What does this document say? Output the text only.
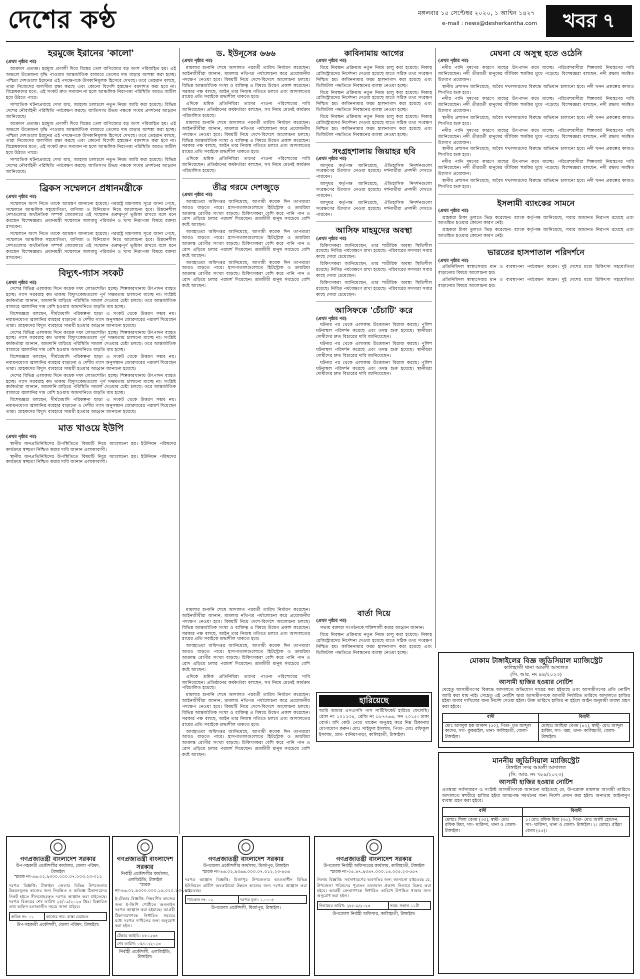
দেশের কণ্ঠ	মঙ্গলবার ১৫ সেপ্টেম্বর ২০২০, ১ আশ্বিন ১৪২৭
e-mail : news@desherkantha.com খবর ৭
হরমুজে ইরানের 'কালো'
(প্রথম পৃষ্ঠার পর)

আক্রমণ প্রত্যক্ষ। হরমুজ প্রণালী দিয়ে বিশ্বের তেল বাণিজ্যের বড় অংশ পরিবাহিত হয়। এই অঞ্চলে উত্তেজনা বৃদ্ধি পাওয়ায় আন্তর্জাতিক বাজারে তেলের দাম বাড়ার আশঙ্কা করা হচ্ছে। পশ্চিমা দেশগুলো ইরানের এই পদক্ষেপকে উসকানিমূলক হিসেবে দেখছে। তবে তেহরান বলছে, তারা নিজেদের জলসীমা রক্ষা করছে এবং কোনো বিদেশি হস্তক্ষেপ বরদাশত করা হবে না। বিশ্লেষকদের মতে, এই সংকট দ্রুত সমাধান না হলে আঞ্চলিক নিরাপত্তা পরিস্থিতি আরও জটিল হয়ে উঠতে পারে।

সাম্প্রতিক ঘটনাপ্রবাহে দেখা যায়, জাহাজ চলাচলে নতুন নিয়ম জারি করা হয়েছে। বিভিন্ন দেশের নৌবাহিনী পরিস্থিতি পর্যবেক্ষণ করছে। জাতিসংঘ উভয় পক্ষকে সংযম প্রদর্শনের আহ্বান জানিয়েছে।

আক্রমণ প্রত্যক্ষ। হরমুজ প্রণালী দিয়ে বিশ্বের তেল বাণিজ্যের বড় অংশ পরিবাহিত হয়। এই অঞ্চলে উত্তেজনা বৃদ্ধি পাওয়ায় আন্তর্জাতিক বাজারে তেলের দাম বাড়ার আশঙ্কা করা হচ্ছে। পশ্চিমা দেশগুলো ইরানের এই পদক্ষেপকে উসকানিমূলক হিসেবে দেখছে। তবে তেহরান বলছে, তারা নিজেদের জলসীমা রক্ষা করছে এবং কোনো বিদেশি হস্তক্ষেপ বরদাশত করা হবে না। বিশ্লেষকদের মতে, এই সংকট দ্রুত সমাধান না হলে আঞ্চলিক নিরাপত্তা পরিস্থিতি আরও জটিল হয়ে উঠতে পারে।

সাম্প্রতিক ঘটনাপ্রবাহে দেখা যায়, জাহাজ চলাচলে নতুন নিয়ম জারি করা হয়েছে। বিভিন্ন দেশের নৌবাহিনী পরিস্থিতি পর্যবেক্ষণ করছে। জাতিসংঘ উভয় পক্ষকে সংযম প্রদর্শনের আহ্বান জানিয়েছে।

ব্রিকস সম্মেলনে প্রধানমন্ত্রীকে
(প্রথম পৃষ্ঠার পর)

সম্মেলনে অংশ নিতে তাকে আমন্ত্রণ জানানো হয়েছে। পররাষ্ট্র মন্ত্রণালয় সূত্রে জানা গেছে, সম্মেলনে আঞ্চলিক সহযোগিতা, বাণিজ্য ও বিনিয়োগ নিয়ে আলোচনা হবে। উন্নয়নশীল দেশগুলোর অর্থনৈতিক সম্পর্ক জোরদারে এই সম্মেলন গুরুত্বপূর্ণ ভূমিকা রাখবে বলে মনে করছেন বিশেষজ্ঞরা। প্রধানমন্ত্রী সম্মেলনে জলবায়ু পরিবর্তন ও খাদ্য নিরাপত্তা বিষয়ে বক্তব্য রাখবেন।

সম্মেলনে অংশ নিতে তাকে আমন্ত্রণ জানানো হয়েছে। পররাষ্ট্র মন্ত্রণালয় সূত্রে জানা গেছে, সম্মেলনে আঞ্চলিক সহযোগিতা, বাণিজ্য ও বিনিয়োগ নিয়ে আলোচনা হবে। উন্নয়নশীল দেশগুলোর অর্থনৈতিক সম্পর্ক জোরদারে এই সম্মেলন গুরুত্বপূর্ণ ভূমিকা রাখবে বলে মনে করছেন বিশেষজ্ঞরা। প্রধানমন্ত্রী সম্মেলনে জলবায়ু পরিবর্তন ও খাদ্য নিরাপত্তা বিষয়ে বক্তব্য রাখবেন।

বিদ্যুৎ-গ্যাস সংকট
(প্রথম পৃষ্ঠার পর)

দেশের বিভিন্ন এলাকায় দিনে কয়েক দফা লোডশেডিং হচ্ছে। শিল্পকারখানায় উৎপাদন ব্যাহত হচ্ছে। গ্যাস সরবরাহ কম থাকায় বিদ্যুৎকেন্দ্রগুলো পূর্ণ সক্ষমতায় চালানো যাচ্ছে না। সংশ্লিষ্ট কর্মকর্তারা জানান, আমদানি বাড়িয়ে পরিস্থিতি সামাল দেওয়ার চেষ্টা চলছে। তবে আন্তর্জাতিক বাজারে জ্বালানির দাম বেশি হওয়ায় আমদানিতে বাড়তি ব্যয় হচ্ছে।

বিশেষজ্ঞরা বলছেন, দীর্ঘমেয়াদি পরিকল্পনা ছাড়া এ সংকট থেকে উত্তরণ সম্ভব নয়। নবায়নযোগ্য জ্বালানির ব্যবহার বাড়ানো ও দেশীয় গ্যাস অনুসন্ধান জোরদারের পরামর্শ দিয়েছেন তারা। গ্রাহকদের বিদ্যুৎ ব্যবহারে সাশ্রয়ী হওয়ার আহ্বান জানানো হয়েছে।

দেশের বিভিন্ন এলাকায় দিনে কয়েক দফা লোডশেডিং হচ্ছে। শিল্পকারখানায় উৎপাদন ব্যাহত হচ্ছে। গ্যাস সরবরাহ কম থাকায় বিদ্যুৎকেন্দ্রগুলো পূর্ণ সক্ষমতায় চালানো যাচ্ছে না। সংশ্লিষ্ট কর্মকর্তারা জানান, আমদানি বাড়িয়ে পরিস্থিতি সামাল দেওয়ার চেষ্টা চলছে। তবে আন্তর্জাতিক বাজারে জ্বালানির দাম বেশি হওয়ায় আমদানিতে বাড়তি ব্যয় হচ্ছে।

বিশেষজ্ঞরা বলছেন, দীর্ঘমেয়াদি পরিকল্পনা ছাড়া এ সংকট থেকে উত্তরণ সম্ভব নয়। নবায়নযোগ্য জ্বালানির ব্যবহার বাড়ানো ও দেশীয় গ্যাস অনুসন্ধান জোরদারের পরামর্শ দিয়েছেন তারা। গ্রাহকদের বিদ্যুৎ ব্যবহারে সাশ্রয়ী হওয়ার আহ্বান জানানো হয়েছে।

দেশের বিভিন্ন এলাকায় দিনে কয়েক দফা লোডশেডিং হচ্ছে। শিল্পকারখানায় উৎপাদন ব্যাহত হচ্ছে। গ্যাস সরবরাহ কম থাকায় বিদ্যুৎকেন্দ্রগুলো পূর্ণ সক্ষমতায় চালানো যাচ্ছে না। সংশ্লিষ্ট কর্মকর্তারা জানান, আমদানি বাড়িয়ে পরিস্থিতি সামাল দেওয়ার চেষ্টা চলছে। তবে আন্তর্জাতিক বাজারে জ্বালানির দাম বেশি হওয়ায় আমদানিতে বাড়তি ব্যয় হচ্ছে।

বিশেষজ্ঞরা বলছেন, দীর্ঘমেয়াদি পরিকল্পনা ছাড়া এ সংকট থেকে উত্তরণ সম্ভব নয়। নবায়নযোগ্য জ্বালানির ব্যবহার বাড়ানো ও দেশীয় গ্যাস অনুসন্ধান জোরদারের পরামর্শ দিয়েছেন তারা। গ্রাহকদের বিদ্যুৎ ব্যবহারে সাশ্রয়ী হওয়ার আহ্বান জানানো হয়েছে।

মাত খাওয়ে ইউপি
(প্রথম পৃষ্ঠার পর)

স্থানীয় জনপ্রতিনিধিদের উপস্থিতিতে বিষয়টি নিয়ে আলোচনা হয়। ইউনিয়ন পরিষদের কার্যক্রমে স্বচ্ছতা নিশ্চিত করার দাবি জানান এলাকাবাসী।

স্থানীয় জনপ্রতিনিধিদের উপস্থিতিতে বিষয়টি নিয়ে আলোচনা হয়। ইউনিয়ন পরিষদের কার্যক্রমে স্বচ্ছতা নিশ্চিত করার দাবি জানান এলাকাবাসী।

ড. ইউনূসের ৬৬৬
(প্রথম পৃষ্ঠার পর)

মামলার শুনানি শেষে আদালত পরবর্তী তারিখ নির্ধারণ করেছেন। আইনজীবীরা জানান, মামলার নথিপত্র পর্যালোচনা করে প্রয়োজনীয় পদক্ষেপ নেওয়া হবে। বিষয়টি নিয়ে দেশে-বিদেশে আলোচনা চলছে। বিভিন্ন আন্তর্জাতিক সংস্থা ও ব্যক্তিত্ব এ বিষয়ে উদ্বেগ প্রকাশ করেছেন। সরকার পক্ষ বলছে, আইন তার নিজস্ব গতিতে চলবে এবং আদালতের রায়ের প্রতি সবাইকে শ্রদ্ধাশীল থাকতে হবে।

এদিকে শ্রমিক প্রতিনিধিরা তাদের পাওনা পরিশোধের দাবি জানিয়েছেন। প্রতিষ্ঠানের কর্মকর্তারা বলছেন, সব নিয়ম মেনেই কার্যক্রম পরিচালিত হয়েছে।

মামলার শুনানি শেষে আদালত পরবর্তী তারিখ নির্ধারণ করেছেন। আইনজীবীরা জানান, মামলার নথিপত্র পর্যালোচনা করে প্রয়োজনীয় পদক্ষেপ নেওয়া হবে। বিষয়টি নিয়ে দেশে-বিদেশে আলোচনা চলছে। বিভিন্ন আন্তর্জাতিক সংস্থা ও ব্যক্তিত্ব এ বিষয়ে উদ্বেগ প্রকাশ করেছেন। সরকার পক্ষ বলছে, আইন তার নিজস্ব গতিতে চলবে এবং আদালতের রায়ের প্রতি সবাইকে শ্রদ্ধাশীল থাকতে হবে।

এদিকে শ্রমিক প্রতিনিধিরা তাদের পাওনা পরিশোধের দাবি জানিয়েছেন। প্রতিষ্ঠানের কর্মকর্তারা বলছেন, সব নিয়ম মেনেই কার্যক্রম পরিচালিত হয়েছে।

তীব্র গরমে দেশজুড়ে
(প্রথম পৃষ্ঠার পর)

আবহাওয়া অধিদপ্তর জানিয়েছে, আগামী কয়েক দিন তাপমাত্রা আরও বাড়তে পারে। হাসপাতালগুলোতে হিটস্ট্রোক ও ডায়রিয়া আক্রান্ত রোগীর সংখ্যা বাড়ছে। চিকিৎসকরা বেশি করে পানি পান ও রোদ এড়িয়ে চলার পরামর্শ দিয়েছেন। শ্রমজীবী মানুষ সবচেয়ে বেশি কষ্টে আছেন।

আবহাওয়া অধিদপ্তর জানিয়েছে, আগামী কয়েক দিন তাপমাত্রা আরও বাড়তে পারে। হাসপাতালগুলোতে হিটস্ট্রোক ও ডায়রিয়া আক্রান্ত রোগীর সংখ্যা বাড়ছে। চিকিৎসকরা বেশি করে পানি পান ও রোদ এড়িয়ে চলার পরামর্শ দিয়েছেন। শ্রমজীবী মানুষ সবচেয়ে বেশি কষ্টে আছেন।

আবহাওয়া অধিদপ্তর জানিয়েছে, আগামী কয়েক দিন তাপমাত্রা আরও বাড়তে পারে। হাসপাতালগুলোতে হিটস্ট্রোক ও ডায়রিয়া আক্রান্ত রোগীর সংখ্যা বাড়ছে। চিকিৎসকরা বেশি করে পানি পান ও রোদ এড়িয়ে চলার পরামর্শ দিয়েছেন। শ্রমজীবী মানুষ সবচেয়ে বেশি কষ্টে আছেন।

কাবিনামায় আগের
(প্রথম পৃষ্ঠার পর)

বিয়ে নিবন্ধন প্রক্রিয়ায় নতুন নিয়ম চালু করা হয়েছে। নিকাহ রেজিস্ট্রারদের নির্দেশনা দেওয়া হয়েছে যাতে সঠিক তথ্য সংরক্ষণ নিশ্চিত হয়। কাবিননামার ফরম হালনাগাদ করা হয়েছে এবং ডিজিটাল পদ্ধতিতে নিবন্ধনের ব্যবস্থা নেওয়া হচ্ছে।

বিয়ে নিবন্ধন প্রক্রিয়ায় নতুন নিয়ম চালু করা হয়েছে। নিকাহ রেজিস্ট্রারদের নির্দেশনা দেওয়া হয়েছে যাতে সঠিক তথ্য সংরক্ষণ নিশ্চিত হয়। কাবিননামার ফরম হালনাগাদ করা হয়েছে এবং ডিজিটাল পদ্ধতিতে নিবন্ধনের ব্যবস্থা নেওয়া হচ্ছে।

বিয়ে নিবন্ধন প্রক্রিয়ায় নতুন নিয়ম চালু করা হয়েছে। নিকাহ রেজিস্ট্রারদের নির্দেশনা দেওয়া হয়েছে যাতে সঠিক তথ্য সংরক্ষণ নিশ্চিত হয়। কাবিননামার ফরম হালনাগাদ করা হয়েছে এবং ডিজিটাল পদ্ধতিতে নিবন্ধনের ব্যবস্থা নেওয়া হচ্ছে।

সংগ্রহশালায় জিয়াহর ছবি
(প্রথম পৃষ্ঠার পর)

জাদুঘর কর্তৃপক্ষ জানিয়েছে, ঐতিহাসিক নিদর্শনগুলো সংরক্ষণের উদ্যোগ নেওয়া হয়েছে। দর্শনার্থীরা প্রদর্শনী দেখতে পারবেন।

জাদুঘর কর্তৃপক্ষ জানিয়েছে, ঐতিহাসিক নিদর্শনগুলো সংরক্ষণের উদ্যোগ নেওয়া হয়েছে। দর্শনার্থীরা প্রদর্শনী দেখতে পারবেন।

জাদুঘর কর্তৃপক্ষ জানিয়েছে, ঐতিহাসিক নিদর্শনগুলো সংরক্ষণের উদ্যোগ নেওয়া হয়েছে। দর্শনার্থীরা প্রদর্শনী দেখতে পারবেন।

আসিফ মাহমুদের অবস্থা
(প্রথম পৃষ্ঠার পর)

চিকিৎসকরা জানিয়েছেন, তার শারীরিক অবস্থা স্থিতিশীল রয়েছে। নিবিড় পর্যবেক্ষণে রাখা হয়েছে। পরিবারের সদস্যরা সবার কাছে দোয়া চেয়েছেন।

চিকিৎসকরা জানিয়েছেন, তার শারীরিক অবস্থা স্থিতিশীল রয়েছে। নিবিড় পর্যবেক্ষণে রাখা হয়েছে। পরিবারের সদস্যরা সবার কাছে দোয়া চেয়েছেন।

চিকিৎসকরা জানিয়েছেন, তার শারীরিক অবস্থা স্থিতিশীল রয়েছে। নিবিড় পর্যবেক্ষণে রাখা হয়েছে। পরিবারের সদস্যরা সবার কাছে দোয়া চেয়েছেন।

আসিফকে 'চেঁচাটি' করে
(প্রথম পৃষ্ঠার পর)

ঘটনার পর থেকে এলাকায় উত্তেজনা বিরাজ করছে। পুলিশ ঘটনাস্থল পরিদর্শন করেছে এবং তদন্ত শুরু হয়েছে। স্থানীয়রা দোষীদের দ্রুত বিচারের দাবি জানিয়েছেন।

ঘটনার পর থেকে এলাকায় উত্তেজনা বিরাজ করছে। পুলিশ ঘটনাস্থল পরিদর্শন করেছে এবং তদন্ত শুরু হয়েছে। স্থানীয়রা দোষীদের দ্রুত বিচারের দাবি জানিয়েছেন।

ঘটনার পর থেকে এলাকায় উত্তেজনা বিরাজ করছে। পুলিশ ঘটনাস্থল পরিদর্শন করেছে এবং তদন্ত শুরু হয়েছে। স্থানীয়রা দোষীদের দ্রুত বিচারের দাবি জানিয়েছেন।

মেঘনা যে অসুস্থ হতে ওঠেনি
(প্রথম পৃষ্ঠার পর)

নদীর পানি দূষণের কারণে মাছের উৎপাদন কমে যাচ্ছে। পরিবেশবাদীরা শিল্পবর্জ্য নিয়ন্ত্রণের দাবি জানিয়েছেন। নদী তীরবর্তী মানুষের জীবিকা হুমকির মুখে পড়েছে। বিশেষজ্ঞরা বলছেন, নদী রক্ষায় সমন্বিত উদ্যোগ প্রয়োজন।

স্থানীয় প্রশাসন জানিয়েছে, অবৈধ দখলদারদের বিরুদ্ধে অভিযান চালানো হবে। নদী খনন প্রকল্পের কাজও শিগগির শুরু হবে।

নদীর পানি দূষণের কারণে মাছের উৎপাদন কমে যাচ্ছে। পরিবেশবাদীরা শিল্পবর্জ্য নিয়ন্ত্রণের দাবি জানিয়েছেন। নদী তীরবর্তী মানুষের জীবিকা হুমকির মুখে পড়েছে। বিশেষজ্ঞরা বলছেন, নদী রক্ষায় সমন্বিত উদ্যোগ প্রয়োজন।

স্থানীয় প্রশাসন জানিয়েছে, অবৈধ দখলদারদের বিরুদ্ধে অভিযান চালানো হবে। নদী খনন প্রকল্পের কাজও শিগগির শুরু হবে।

নদীর পানি দূষণের কারণে মাছের উৎপাদন কমে যাচ্ছে। পরিবেশবাদীরা শিল্পবর্জ্য নিয়ন্ত্রণের দাবি জানিয়েছেন। নদী তীরবর্তী মানুষের জীবিকা হুমকির মুখে পড়েছে। বিশেষজ্ঞরা বলছেন, নদী রক্ষায় সমন্বিত উদ্যোগ প্রয়োজন।

স্থানীয় প্রশাসন জানিয়েছে, অবৈধ দখলদারদের বিরুদ্ধে অভিযান চালানো হবে। নদী খনন প্রকল্পের কাজও শিগগির শুরু হবে।

নদীর পানি দূষণের কারণে মাছের উৎপাদন কমে যাচ্ছে। পরিবেশবাদীরা শিল্পবর্জ্য নিয়ন্ত্রণের দাবি জানিয়েছেন। নদী তীরবর্তী মানুষের জীবিকা হুমকির মুখে পড়েছে। বিশেষজ্ঞরা বলছেন, নদী রক্ষায় সমন্বিত উদ্যোগ প্রয়োজন।

স্থানীয় প্রশাসন জানিয়েছে, অবৈধ দখলদারদের বিরুদ্ধে অভিযান চালানো হবে। নদী খনন প্রকল্পের কাজও শিগগির শুরু হবে।

ইসলামী ব্যাংকের সামনে
(প্রথম পৃষ্ঠার পর)

গ্রাহকরা টাকা তুলতে ভিড় করেছেন। ব্যাংক কর্তৃপক্ষ জানিয়েছে, সবার আমানত নিরাপদ রয়েছে এবং আতঙ্কিত হওয়ার কোনো কারণ নেই।

গ্রাহকরা টাকা তুলতে ভিড় করেছেন। ব্যাংক কর্তৃপক্ষ জানিয়েছে, সবার আমানত নিরাপদ রয়েছে এবং আতঙ্কিত হওয়ার কোনো কারণ নেই।

ভারতের হাসপাতাল পরিদর্শনে
(প্রথম পৃষ্ঠার পর)

প্রতিনিধিদল স্বাস্থ্যসেবার মান ও ব্যবস্থাপনা পর্যবেক্ষণ করেন। দুই দেশের মধ্যে চিকিৎসা সহযোগিতা বাড়ানোর বিষয়ে আলোচনা হয়।

প্রতিনিধিদল স্বাস্থ্যসেবার মান ও ব্যবস্থাপনা পর্যবেক্ষণ করেন। দুই দেশের মধ্যে চিকিৎসা সহযোগিতা বাড়ানোর বিষয়ে আলোচনা হয়।

বাৰ্তা দিয়ে
(প্রথম পৃষ্ঠার পর)

সভায় বক্তারা সংগঠনকে শক্তিশালী করার আহ্বান জানান।

বিয়ে নিবন্ধন প্রক্রিয়ায় নতুন নিয়ম চালু করা হয়েছে। নিকাহ রেজিস্ট্রারদের নির্দেশনা দেওয়া হয়েছে যাতে সঠিক তথ্য সংরক্ষণ নিশ্চিত হয়। কাবিননামার ফরম হালনাগাদ করা হয়েছে এবং ডিজিটাল পদ্ধতিতে নিবন্ধনের ব্যবস্থা নেওয়া হচ্ছে।

মামলার শুনানি শেষে আদালত পরবর্তী তারিখ নির্ধারণ করেছেন। আইনজীবীরা জানান, মামলার নথিপত্র পর্যালোচনা করে প্রয়োজনীয় পদক্ষেপ নেওয়া হবে। বিষয়টি নিয়ে দেশে-বিদেশে আলোচনা চলছে। বিভিন্ন আন্তর্জাতিক সংস্থা ও ব্যক্তিত্ব এ বিষয়ে উদ্বেগ প্রকাশ করেছেন। সরকার পক্ষ বলছে, আইন তার নিজস্ব গতিতে চলবে এবং আদালতের রায়ের প্রতি সবাইকে শ্রদ্ধাশীল থাকতে হবে।

আবহাওয়া অধিদপ্তর জানিয়েছে, আগামী কয়েক দিন তাপমাত্রা আরও বাড়তে পারে। হাসপাতালগুলোতে হিটস্ট্রোক ও ডায়রিয়া আক্রান্ত রোগীর সংখ্যা বাড়ছে। চিকিৎসকরা বেশি করে পানি পান ও রোদ এড়িয়ে চলার পরামর্শ দিয়েছেন। শ্রমজীবী মানুষ সবচেয়ে বেশি কষ্টে আছেন।

এদিকে শ্রমিক প্রতিনিধিরা তাদের পাওনা পরিশোধের দাবি জানিয়েছেন। প্রতিষ্ঠানের কর্মকর্তারা বলছেন, সব নিয়ম মেনেই কার্যক্রম পরিচালিত হয়েছে।

মামলার শুনানি শেষে আদালত পরবর্তী তারিখ নির্ধারণ করেছেন। আইনজীবীরা জানান, মামলার নথিপত্র পর্যালোচনা করে প্রয়োজনীয় পদক্ষেপ নেওয়া হবে। বিষয়টি নিয়ে দেশে-বিদেশে আলোচনা চলছে। বিভিন্ন আন্তর্জাতিক সংস্থা ও ব্যক্তিত্ব এ বিষয়ে উদ্বেগ প্রকাশ করেছেন। সরকার পক্ষ বলছে, আইন তার নিজস্ব গতিতে চলবে এবং আদালতের রায়ের প্রতি সবাইকে শ্রদ্ধাশীল থাকতে হবে।

আবহাওয়া অধিদপ্তর জানিয়েছে, আগামী কয়েক দিন তাপমাত্রা আরও বাড়তে পারে। হাসপাতালগুলোতে হিটস্ট্রোক ও ডায়রিয়া আক্রান্ত রোগীর সংখ্যা বাড়ছে। চিকিৎসকরা বেশি করে পানি পান ও রোদ এড়িয়ে চলার পরামর্শ দিয়েছেন। শ্রমজীবী মানুষ সবচেয়ে বেশি কষ্টে আছেন।

হারিয়েছে
আমি আমার এসএসসি পাস সার্টিফিকেট হারিয়ে ফেলেছি। রোল নং ১০১২৩৪, রেজি নং ৮৮৭৭৬৬, সন ২০১৫। ঢাকা বোর্ড। যদি কেউ পেয়ে থাকেন অনুগ্রহ করে নিম্ন ঠিকানায় যোগাযোগ করুন। মোঃ সাইফুল ইসলাম, পিতা- মোঃ রফিকুল ইসলাম, গ্রাম- বানিয়াপাড়া, কালিহাতী, টাঙ্গাইল।
মোকাম টাঙ্গাইলের বিজ্ঞ জুডিসিয়াল ম্যাজিস্ট্রেট
কালিহাতী থানা আমলী আদালত
(সি. আর. নং ৪৪/২০২৩)
আসামী হাজির হওয়ার নোটিশ
যেহেতু আসামীগণের বিরুদ্ধে আদালতে অভিযোগ দায়ের করা হইয়াছে এবং আসামীগণের প্রতি নোটিশ জারি করা যায় নাই। সেহেতু এই নোটিশ দ্বারা আসামীগণকে আগামী নির্ধারিত তারিখে আদালতে হাজির হইয়া জবাব দাখিলের জন্য নির্দেশ দেওয়া হইল। উক্ত তারিখে হাজির না হইলে আইন অনুযায়ী ব্যবস্থা গ্রহণ করা হইবে।
বাদী	বিবাদী
মোঃ আবদুল হক আকন্দ (৫০), পিতা- মৃত আব্দুল কাদের, সাং- কুকরাইল, থানা- কালিহাতী, জেলা- টাঙ্গাইল।	মোছাঃ আছিয়া বেগম (৪২), স্বামী- মোঃ আব্দুল হাকিম, সাং- বল্লা, থানা- কালিহাতী, জেলা- টাঙ্গাইল।
মাননীয় জুডিসিয়াল ম্যাজিস্ট্রেট
টাঙ্গাইল সদর আমলী আদালত
(সি. আর. নং ৭৮৯/২০২৩)
আসামী হাজির হওয়ার নোটিশ
এতদ্বারা সর্বসাধারণ ও সংশ্লিষ্ট আসামীগণকে জানানো যাইতেছে যে, উপরোক্ত মামলায় আগামী তারিখে আদালতে স্বশরীরে হাজির হইয়া আত্মপক্ষ সমর্থনের জন্য নির্দেশ প্রদান করা হইল। অন্যথায় আইনানুগ ব্যবস্থা গ্রহণ করা হইবে।
বাদী	বিবাদী
মোছাঃ শিলা বেগম (৩০), স্বামী- মোঃ রফিক মিয়া, সাং- ঘারিন্দা, থানা ও জেলা- টাঙ্গাইল।	১। মোঃ রফিক মিয়া (৩৫), পিতা- মোঃ আলী হোসেন, সাং- ঘারিন্দা, থানা ও জেলা- টাঙ্গাইল। ২। মোছাঃ রহিমা বেগম (৫৫)।
গণপ্রজাতন্ত্রী বাংলাদেশ সরকার
উপ-সহকারী প্রকৌশলীর কার্যালয়, জেলা পরিষদ, টাঙ্গাইল
স্মারক নং-৪৬.০২.৯৩০০.০০০.০৭.০০৩.২৩-৩১২
দরপত্র বিজ্ঞপ্তি: টাঙ্গাইল জেলার বিভিন্ন উপজেলায় উন্নয়নমূলক কাজের জন্য নিবন্ধিত ও অভিজ্ঞ ঠিকাদারদের নিকট হইতে সীলমোহরকৃত দরপত্র আহ্বান করা যাইতেছে। দরপত্র বিক্রয়ের শেষ তারিখ ২৫/০৯/২০২৩ খ্রিঃ। বিস্তারিত তথ্য অফিস চলাকালীন সময়ে জানা যাইবে।
ক্রমিক নং: ০১	কাজের নাম: রাস্তা মেরামত
উপ-সহকারী প্রকৌশলী, জেলা পরিষদ, টাঙ্গাইল।
গণপ্রজাতন্ত্রী বাংলাদেশ সরকার
নির্বাহী প্রকৌশলীর কার্যালয়, এলজিইডি, টাঙ্গাইল
স্মারক নং-৪৬.০২.৯৩০০.০০০.১৪.০২০.২৩-৮৮১
ই-টেন্ডার বিজ্ঞপ্তি: নিম্নবর্ণিত কাজের জন্য ই-জিপি পোর্টালে অনলাইন দরপত্র আহ্বান করা হইয়াছে। আগ্রহী ঠিকাদারগণকে নির্ধারিত সময়ের মধ্যে দরপত্র দাখিলের জন্য অনুরোধ করা হইল।
টেন্ডার আইডি: ৮৮১২৩৪
শেষ তারিখ: ০৫/১০/২০২৩
নির্বাহী প্রকৌশলী, এলজিইডি, টাঙ্গাইল।
গণপ্রজাতন্ত্রী বাংলাদেশ সরকার
উপজেলা প্রকৌশলীর কার্যালয়, মির্জাপুর, টাঙ্গাইল
স্মারক নং-৪৬.০২.৯৩৬৬.০০০.০৭.০১২.২৩-৪৫৬
দরপত্র আহ্বান বিজ্ঞপ্তি: মির্জাপুর উপজেলার আওতাধীন বিভিন্ন ইউনিয়নে গ্রামীণ অবকাঠামো উন্নয়ন কাজের জন্য দরপত্র আহ্বান করা যাইতেছে।
প্যাকেজ নং: ০২	দরপত্র মূল্য: ১,০০০/-
উপজেলা প্রকৌশলী, মির্জাপুর, টাঙ্গাইল।
গণপ্রজাতন্ত্রী বাংলাদেশ সরকার
উপজেলা নির্বাহী অফিসারের কার্যালয়, কালিহাতী, টাঙ্গাইল
স্মারক নং-০৫.৪৭.৯৩৪৭.০০০.১৪.০০৫.২৩-৫৫৭
নিলাম বিজ্ঞপ্তি: সর্বসাধারণের অবগতির জন্য জানানো যাইতেছে যে, উপজেলা পরিষদের পুরাতন মালামাল প্রকাশ্য নিলামে বিক্রয় করা হইবে। আগ্রহী ক্রেতাগণকে নির্ধারিত তারিখে উপস্থিত থাকার জন্য অনুরোধ করা হইল।
নিলামের তারিখ: ২৮/০৯/২০২৩	সময়: সকাল ১১টা
উপজেলা নির্বাহী অফিসার, কালিহাতী, টাঙ্গাইল।
